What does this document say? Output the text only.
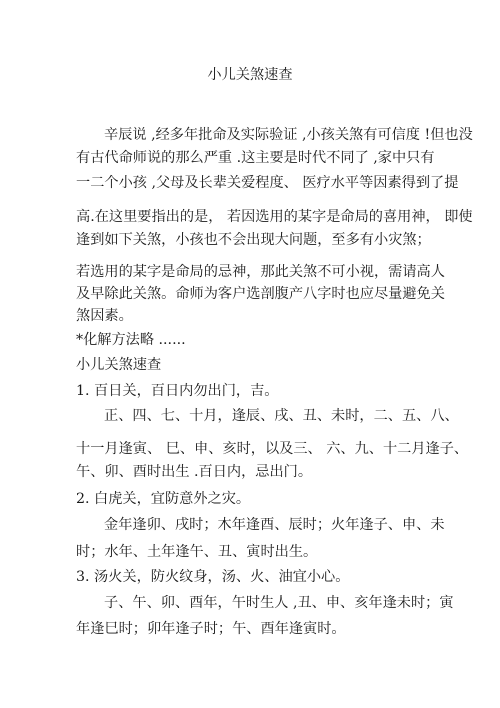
小儿关煞速查
辛辰说 ,经多年批命及实际验证 ,小孩关煞有可信度 !但也没
有古代命师说的那么严重 .这主要是时代不同了 ,家中只有
一二个小孩 ,父母及长辈关爱程度、 医疗水平等因素得到了提
高.在这里要指出的是， 若因选用的某字是命局的喜用神， 即使
逢到如下关煞，小孩也不会出现大问题，至多有小灾煞；
若选用的某字是命局的忌神，那此关煞不可小视，需请高人
及早除此关煞。命师为客户选剖腹产八字时也应尽量避免关
煞因素。
*化解方法略 ......
小儿关煞速查
1. 百日关，百日内勿出门，吉。
正、四、七、十月，逢辰、戌、丑、未时，二、五、八、
十一月逢寅、 巳、申、亥时，以及三、 六、九、十二月逢子、
午、卯、酉时出生 .百日内，忌出门。
2. 白虎关，宜防意外之灾。
金年逢卯、戌时；木年逢酉、辰时；火年逢子、申、未
时；水年、土年逢午、丑、寅时出生。
3. 汤火关，防火纹身，汤、火、油宜小心。
子、午、卯、酉年，午时生人 ,丑、申、亥年逢未时；寅
年逢巳时；卯年逢子时；午、酉年逢寅时。
